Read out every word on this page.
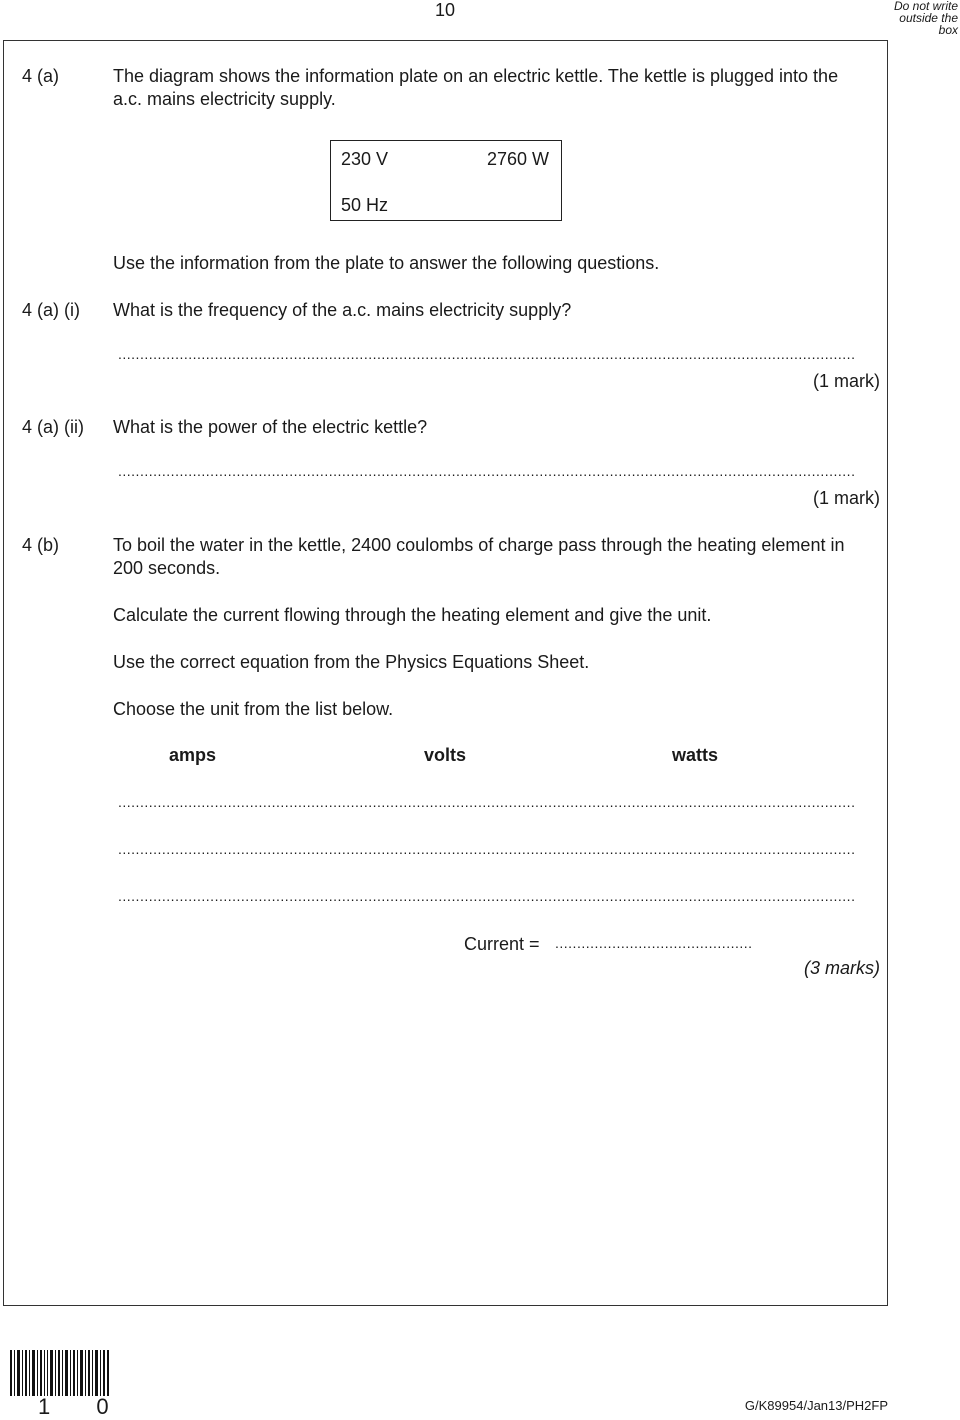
10	Do not write outside the box
4 (a)	The diagram shows the information plate on an electric kettle. The kettle is plugged into the a.c. mains electricity supply.
230 V	2760 W
50 Hz
Use the information from the plate to answer the following questions.
4 (a) (i) What is the frequency of the a.c. mains electricity supply?
........................................................................................................................................................................
(1 mark)
4 (a) (ii) What is the power of the electric kettle?
........................................................................................................................................................................
(1 mark)
4 (b)	To boil the water in the kettle, 2400 coulombs of charge pass through the heating element in 200 seconds.
Calculate the current flowing through the heating element and give the unit.
Use the correct equation from the Physics Equations Sheet.
Choose the unit from the list below.
amps	volts	watts
........................................................................................................................................................................
........................................................................................................................................................................
........................................................................................................................................................................
Current = .............................................
(3 marks)
1 0	G/K89954/Jan13/PH2FP
